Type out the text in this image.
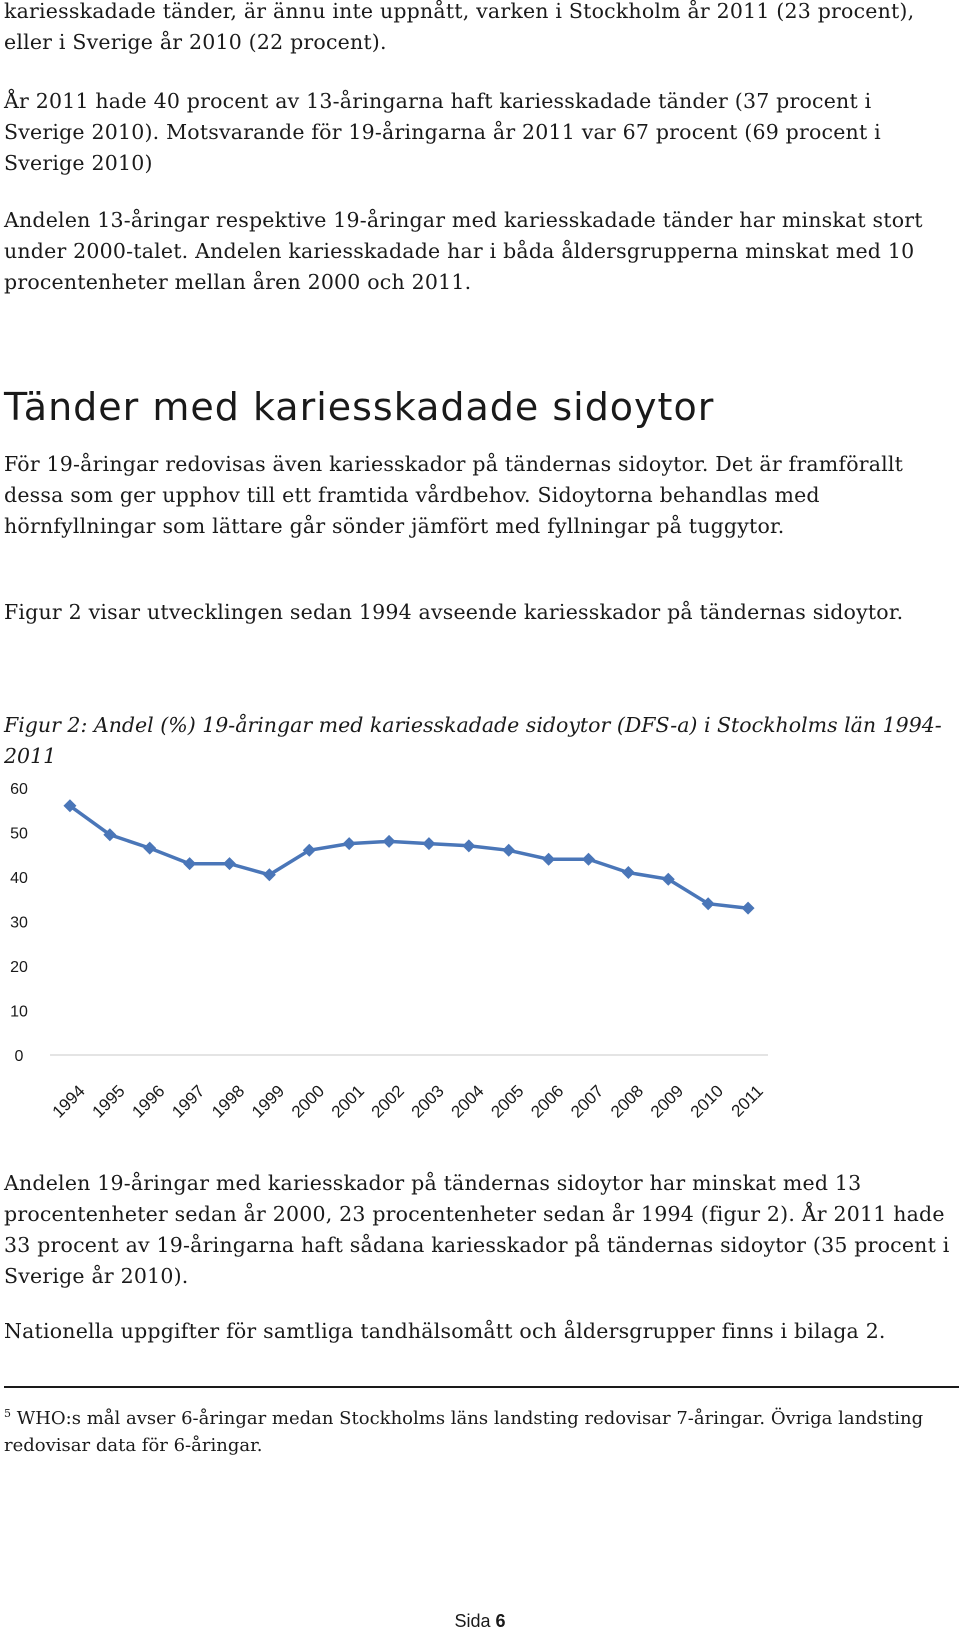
kariesskadade tänder, är ännu inte uppnått, varken i Stockholm år 2011 (23 procent), eller i Sverige år 2010 (22 procent).

År 2011 hade 40 procent av 13-åringarna haft kariesskadade tänder (37 procent i Sverige 2010). Motsvarande för 19-åringarna år 2011 var 67 procent (69 procent i Sverige 2010)

Andelen 13-åringar respektive 19-åringar med kariesskadade tänder har minskat stort under 2000-talet. Andelen kariesskadade har i båda åldersgrupperna minskat med 10 procentenheter mellan åren 2000 och 2011.

Tänder med kariesskadade sidoytor

För 19-åringar redovisas även kariesskador på tändernas sidoytor. Det är framförallt dessa som ger upphov till ett framtida vårdbehov. Sidoytorna behandlas med hörnfyllningar som lättare går sönder jämfört med fyllningar på tuggytor.

Figur 2 visar utvecklingen sedan 1994 avseende kariesskador på tändernas sidoytor.

Figur 2: Andel (%) 19-åringar med kariesskadade sidoytor (DFS-a) i Stockholms län 1994-2011

0
10
20
30
40
50
60
1994 1995 1996 1997 1998 1999 2000 2001 2002 2003 2004 2005 2006 2007 2008 2009 2010 2011

Andelen 19-åringar med kariesskador på tändernas sidoytor har minskat med 13 procentenheter sedan år 2000, 23 procentenheter sedan år 1994 (figur 2). År 2011 hade 33 procent av 19-åringarna haft sådana kariesskador på tändernas sidoytor (35 procent i Sverige år 2010).

Nationella uppgifter för samtliga tandhälsomått och åldersgrupper finns i bilaga 2.

$^5$ WHO:s mål avser 6-åringar medan Stockholms läns landsting redovisar 7-åringar. Övriga landsting redovisar data för 6-åringar.

Sida 6
